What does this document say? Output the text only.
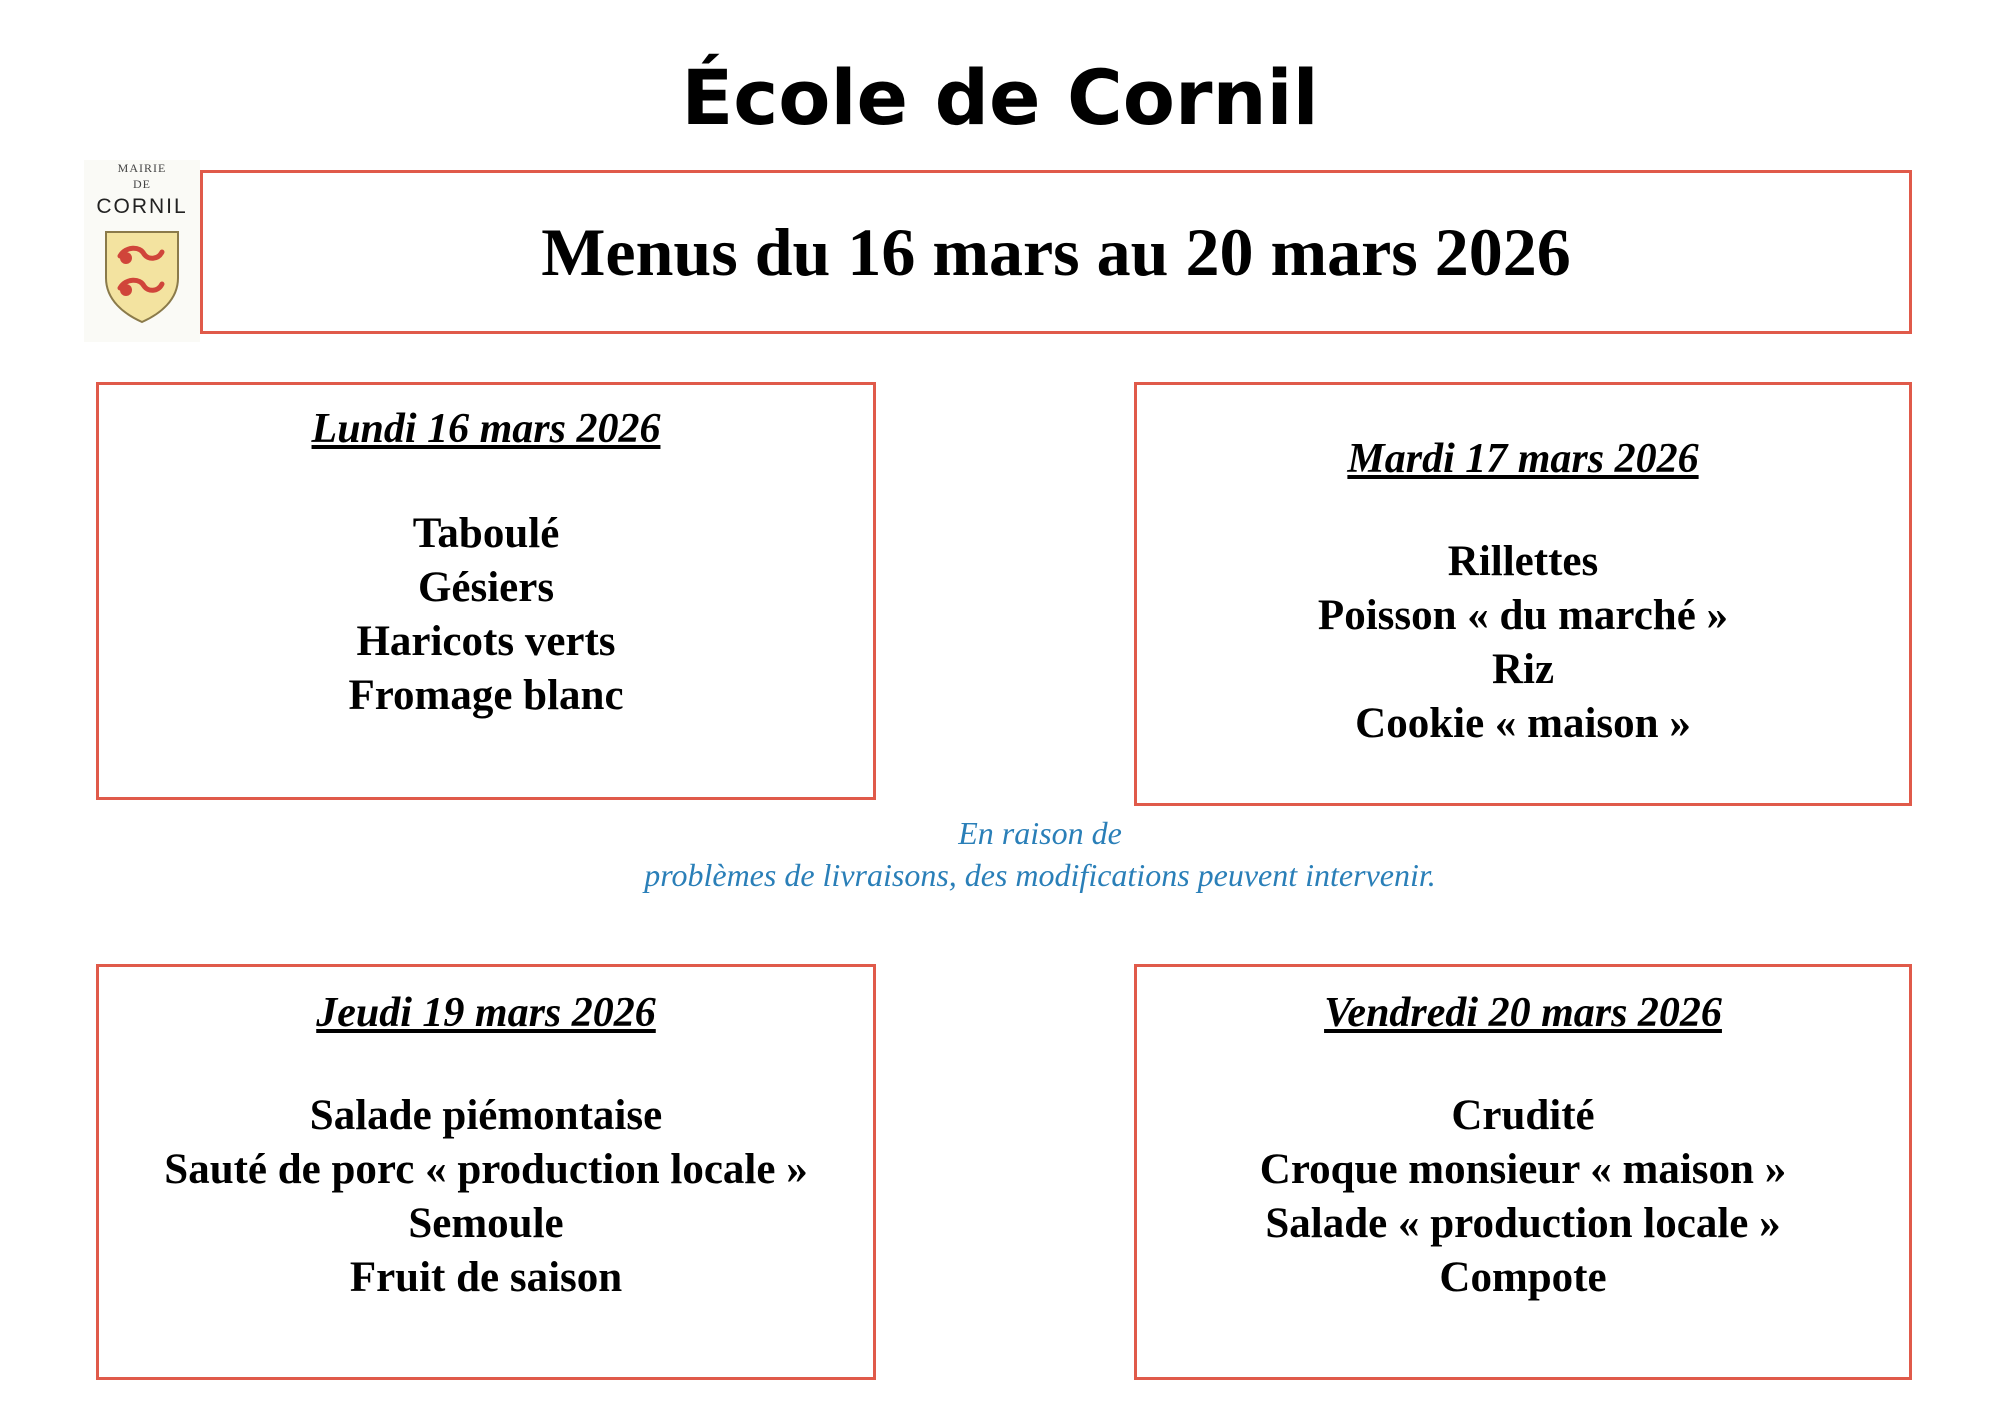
École de Cornil
MAIRIE
DE
CORNIL
Menus du 16 mars au 20 mars 2026
Lundi 16 mars 2026
Taboulé
Gésiers
Haricots verts
Fromage blanc
Mardi 17 mars 2026
Rillettes
Poisson « du marché »
Riz
Cookie « maison »
En raison de
problèmes de livraisons, des modifications peuvent intervenir.
Jeudi 19 mars 2026
Salade piémontaise
Sauté de porc « production locale »
Semoule
Fruit de saison
Vendredi 20 mars 2026
Crudité
Croque monsieur « maison »
Salade « production locale »
Compote
